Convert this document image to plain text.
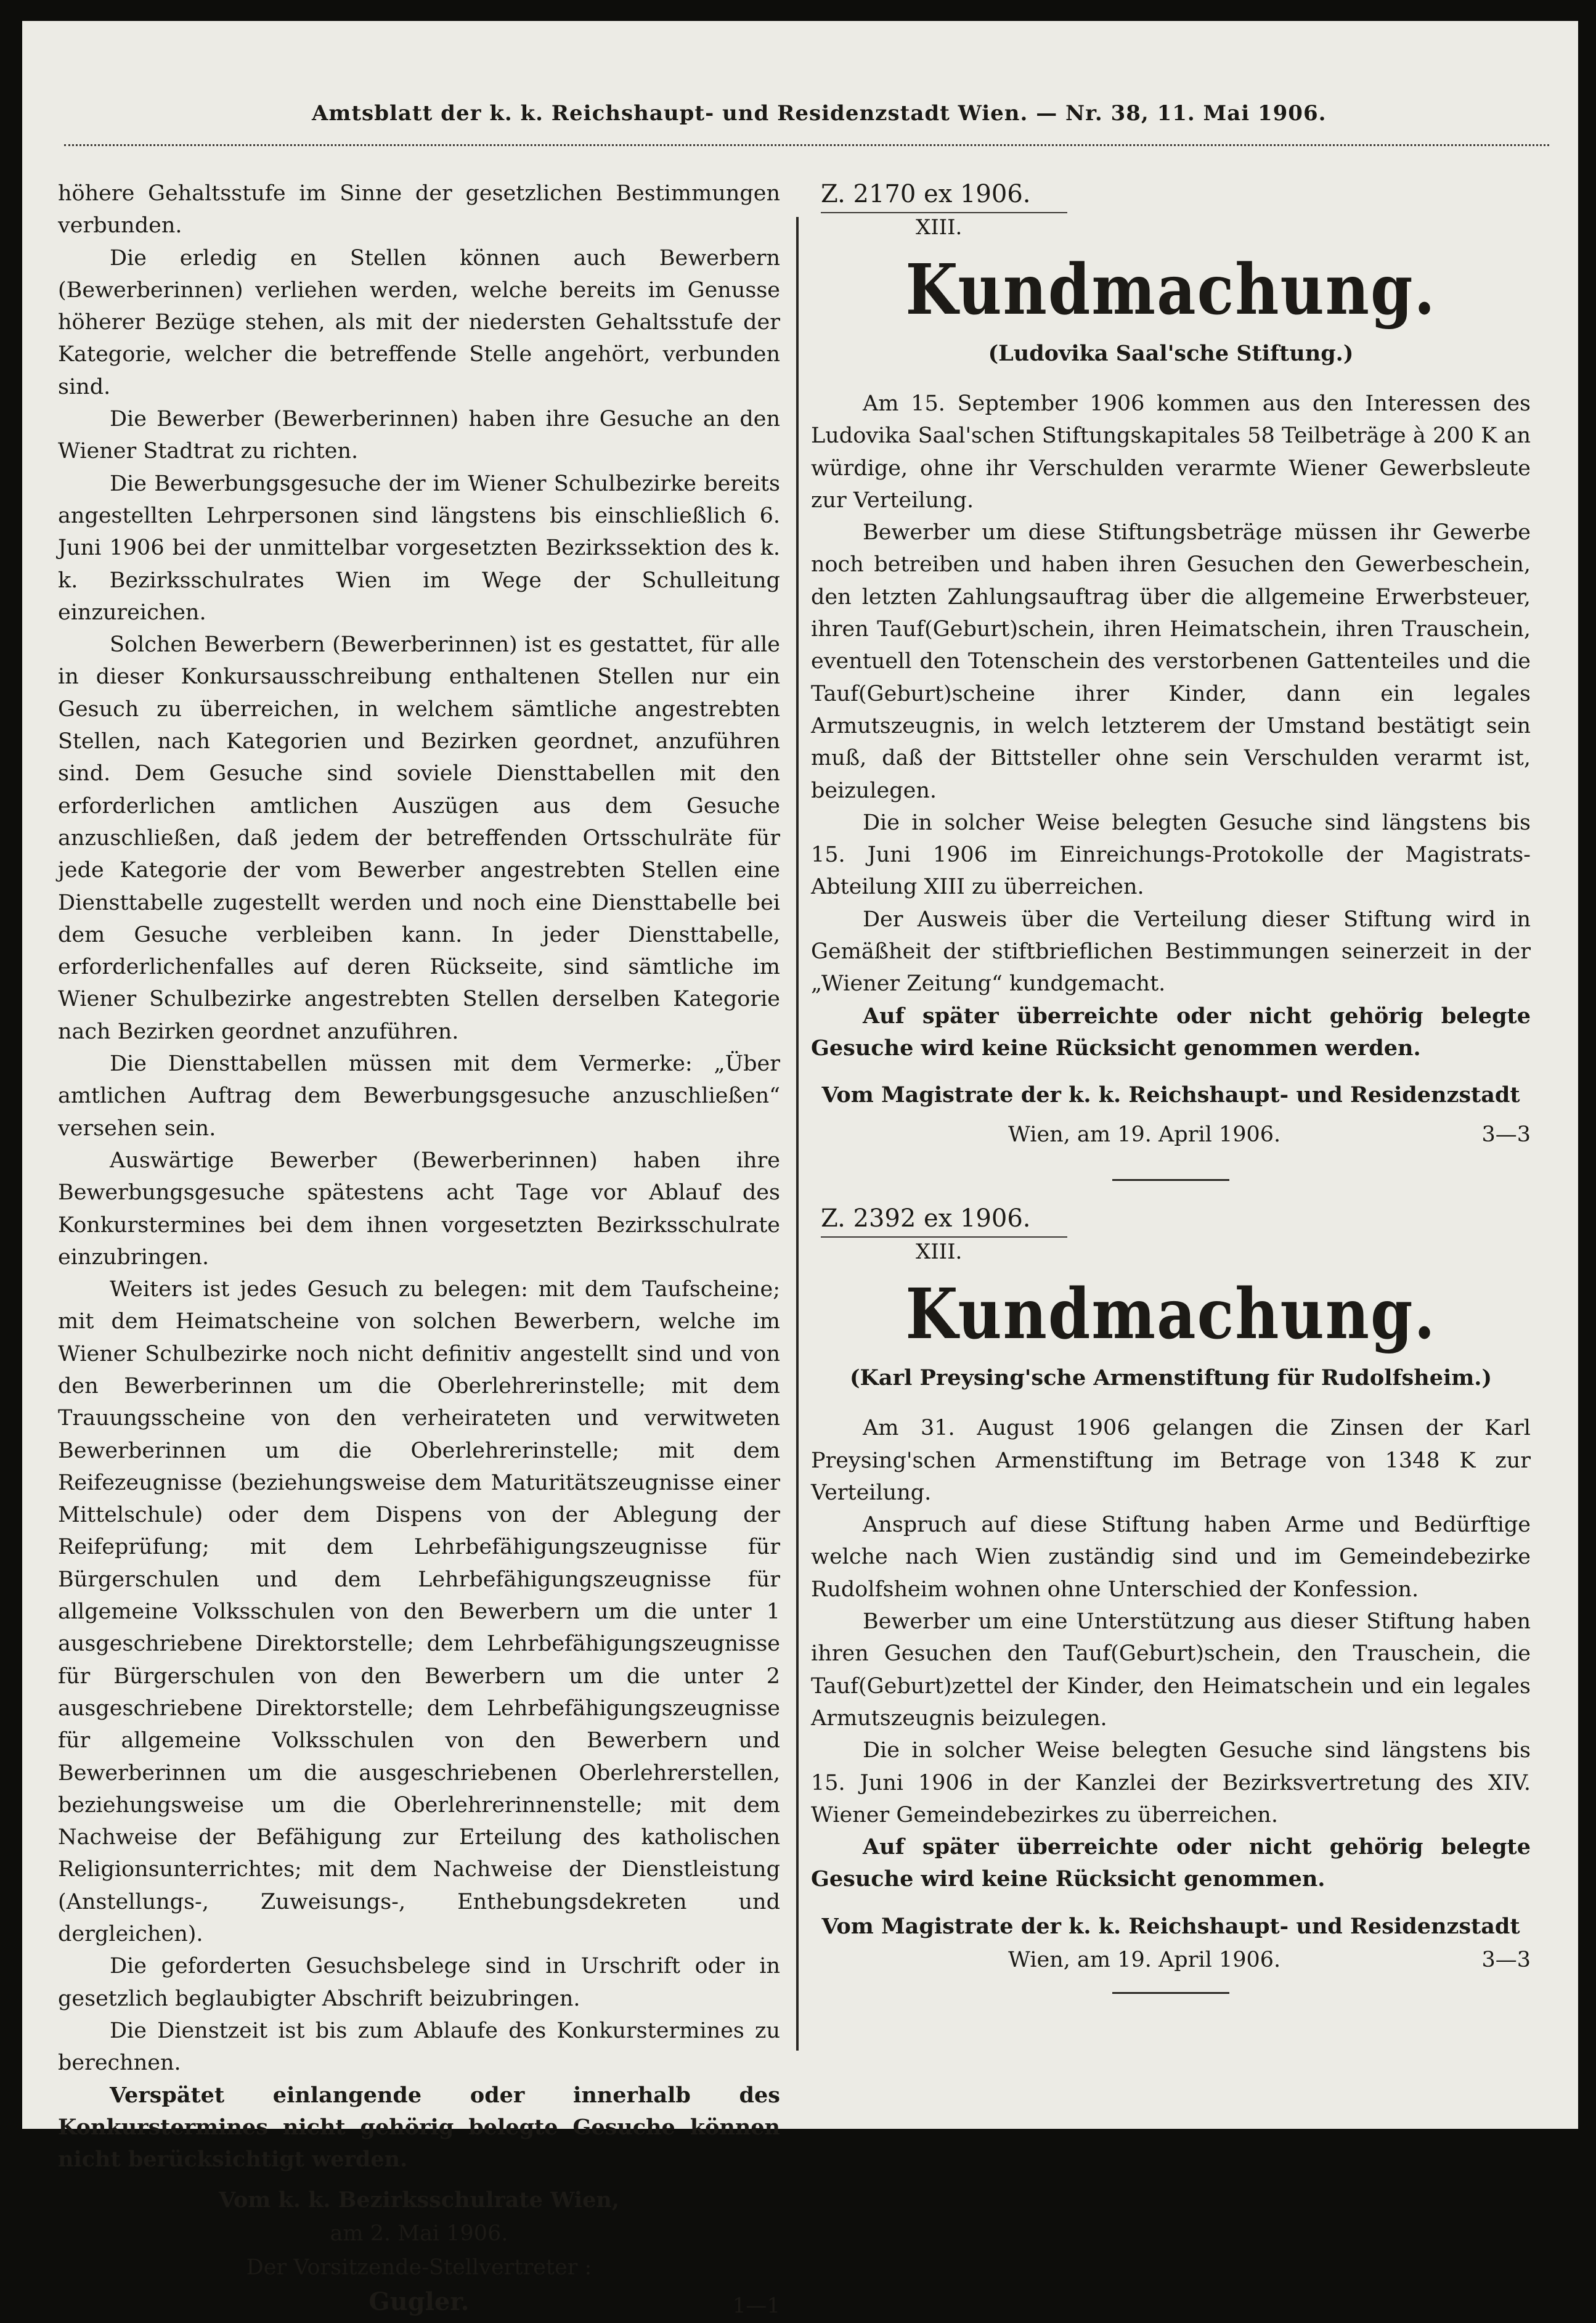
Amtsblatt der k. k. Reichshaupt- und Residenzstadt Wien. — Nr. 38, 11. Mai 1906.

höhere Gehaltsstufe im Sinne der gesetzlichen Bestimmungen verbunden.

Die erledig en Stellen können auch Bewerbern (Bewerberinnen) verliehen werden, welche bereits im Genusse höherer Bezüge stehen, als mit der niedersten Gehaltsstufe der Kategorie, welcher die betreffende Stelle angehört, verbunden sind.

Die Bewerber (Bewerberinnen) haben ihre Gesuche an den Wiener Stadtrat zu richten.

Die Bewerbungsgesuche der im Wiener Schulbezirke bereits angestellten Lehrpersonen sind längstens bis einschließlich 6. Juni 1906 bei der unmittelbar vorgesetzten Bezirkssektion des k. k. Bezirksschulrates Wien im Wege der Schulleitung einzureichen.

Solchen Bewerbern (Bewerberinnen) ist es gestattet, für alle in dieser Konkursausschreibung enthaltenen Stellen nur ein Gesuch zu überreichen, in welchem sämtliche angestrebten Stellen, nach Kategorien und Bezirken geordnet, anzuführen sind. Dem Gesuche sind soviele Diensttabellen mit den erforderlichen amtlichen Auszügen aus dem Gesuche anzuschließen, daß jedem der betreffenden Ortsschulräte für jede Kategorie der vom Bewerber angestrebten Stellen eine Diensttabelle zugestellt werden und noch eine Diensttabelle bei dem Gesuche verbleiben kann. In jeder Diensttabelle, erforderlichenfalles auf deren Rückseite, sind sämtliche im Wiener Schulbezirke angestrebten Stellen derselben Kategorie nach Bezirken geordnet anzuführen.

Die Diensttabellen müssen mit dem Vermerke: „Über amtlichen Auftrag dem Bewerbungsgesuche anzuschließen“ versehen sein.

Auswärtige Bewerber (Bewerberinnen) haben ihre Bewerbungsgesuche spätestens acht Tage vor Ablauf des Konkurstermines bei dem ihnen vorgesetzten Bezirksschulrate einzubringen.

Weiters ist jedes Gesuch zu belegen: mit dem Taufscheine; mit dem Heimatscheine von solchen Bewerbern, welche im Wiener Schulbezirke noch nicht definitiv angestellt sind und von den Bewerberinnen um die Oberlehrerinstelle; mit dem Trauungsscheine von den verheirateten und verwitweten Bewerberinnen um die Oberlehrerinstelle; mit dem Reifezeugnisse (beziehungsweise dem Maturitätszeugnisse einer Mittelschule) oder dem Dispens von der Ablegung der Reifeprüfung; mit dem Lehrbefähigungszeugnisse für Bürgerschulen und dem Lehrbefähigungszeugnisse für allgemeine Volksschulen von den Bewerbern um die unter 1 ausgeschriebene Direktorstelle; dem Lehrbefähigungszeugnisse für Bürgerschulen von den Bewerbern um die unter 2 ausgeschriebene Direktorstelle; dem Lehrbefähigungszeugnisse für allgemeine Volksschulen von den Bewerbern und Bewerberinnen um die ausgeschriebenen Oberlehrerstellen, beziehungsweise um die Oberlehrerinnenstelle; mit dem Nachweise der Befähigung zur Erteilung des katholischen Religionsunterrichtes; mit dem Nachweise der Dienstleistung (Anstellungs-, Zuweisungs-, Enthebungsdekreten und dergleichen).

Die geforderten Gesuchsbelege sind in Urschrift oder in gesetzlich beglaubigter Abschrift beizubringen.

Die Dienstzeit ist bis zum Ablaufe des Konkurstermines zu berechnen.

Verspätet einlangende oder innerhalb des Konkurstermines nicht gehörig belegte Gesuche können nicht berücksichtigt werden.

Vom k. k. Bezirksschulrate Wien,

am 2. Mai 1906.

Der Vorsitzende-Stellvertreter :

Gugler.	1—1
Z. 2170 ex 1906.
XIII.
Kundmachung.
(Ludovika Saal'sche Stiftung.)

Am 15. September 1906 kommen aus den Interessen des Ludovika Saal'schen Stiftungskapitales 58 Teilbeträge à 200 K an würdige, ohne ihr Verschulden verarmte Wiener Gewerbsleute zur Verteilung.

Bewerber um diese Stiftungsbeträge müssen ihr Gewerbe noch betreiben und haben ihren Gesuchen den Gewerbeschein, den letzten Zahlungsauftrag über die allgemeine Erwerbsteuer, ihren Tauf(Geburt)schein, ihren Heimatschein, ihren Trauschein, eventuell den Totenschein des verstorbenen Gattenteiles und die Tauf(Geburt)scheine ihrer Kinder, dann ein legales Armutszeugnis, in welch letzterem der Umstand bestätigt sein muß, daß der Bittsteller ohne sein Verschulden verarmt ist, beizulegen.

Die in solcher Weise belegten Gesuche sind längstens bis 15. Juni 1906 im Einreichungs-Protokolle der Magistrats-Abteilung XIII zu überreichen.

Der Ausweis über die Verteilung dieser Stiftung wird in Gemäßheit der stiftbrieflichen Bestimmungen seinerzeit in der „Wiener Zeitung“ kundgemacht.

Auf später überreichte oder nicht gehörig belegte Gesuche wird keine Rücksicht genommen werden.

Vom Magistrate der k. k. Reichshaupt- und Residenzstadt

Wien, am 19. April 1906.	3—3
Z. 2392 ex 1906.
XIII.
Kundmachung.
(Karl Preysing'sche Armenstiftung für Rudolfsheim.)

Am 31. August 1906 gelangen die Zinsen der Karl Preysing'schen Armenstiftung im Betrage von 1348 K zur Verteilung.

Anspruch auf diese Stiftung haben Arme und Bedürftige welche nach Wien zuständig sind und im Gemeindebezirke Rudolfsheim wohnen ohne Unterschied der Konfession.

Bewerber um eine Unterstützung aus dieser Stiftung haben ihren Gesuchen den Tauf(Geburt)schein, den Trauschein, die Tauf(Geburt)zettel der Kinder, den Heimatschein und ein legales Armutszeugnis beizulegen.

Die in solcher Weise belegten Gesuche sind längstens bis 15. Juni 1906 in der Kanzlei der Bezirksvertretung des XIV. Wiener Gemeindebezirkes zu überreichen.

Auf später überreichte oder nicht gehörig belegte Gesuche wird keine Rücksicht genommen.

Vom Magistrate der k. k. Reichshaupt- und Residenzstadt

Wien, am 19. April 1906.	3—3
